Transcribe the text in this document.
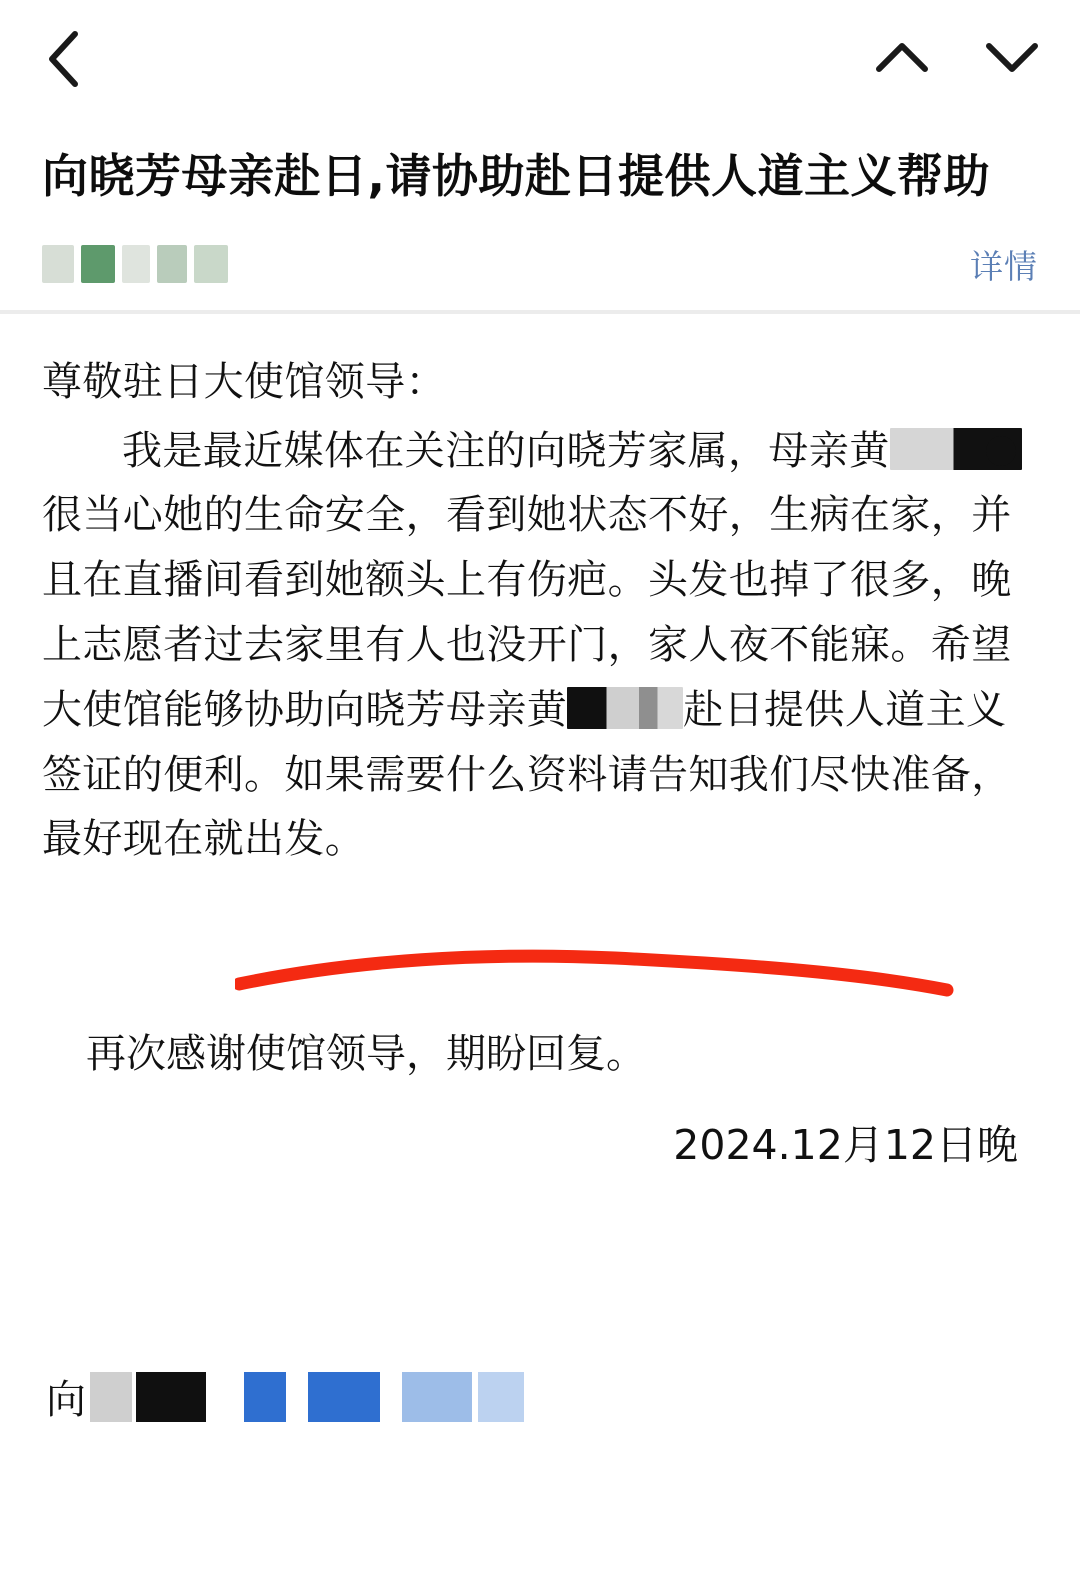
向晓芳母亲赴日,请协助赴日提供人道主义帮助
详情

尊敬驻日大使馆领导：

我是最近媒体在关注的向晓芳家属，母亲黄很当心她的生命安全，看到她状态不好，生病在家，并且在直播间看到她额头上有伤疤。头发也掉了很多，晚上志愿者过去家里有人也没开门，家人夜不能寐。希望大使馆能够协助向晓芳母亲黄	赴日提供人道主义签证的便利。如果需要什么资料请告知我们尽快准备，最好现在就出发。

再次感谢使馆领导，期盼回复。
2024.12月12日晚
向
